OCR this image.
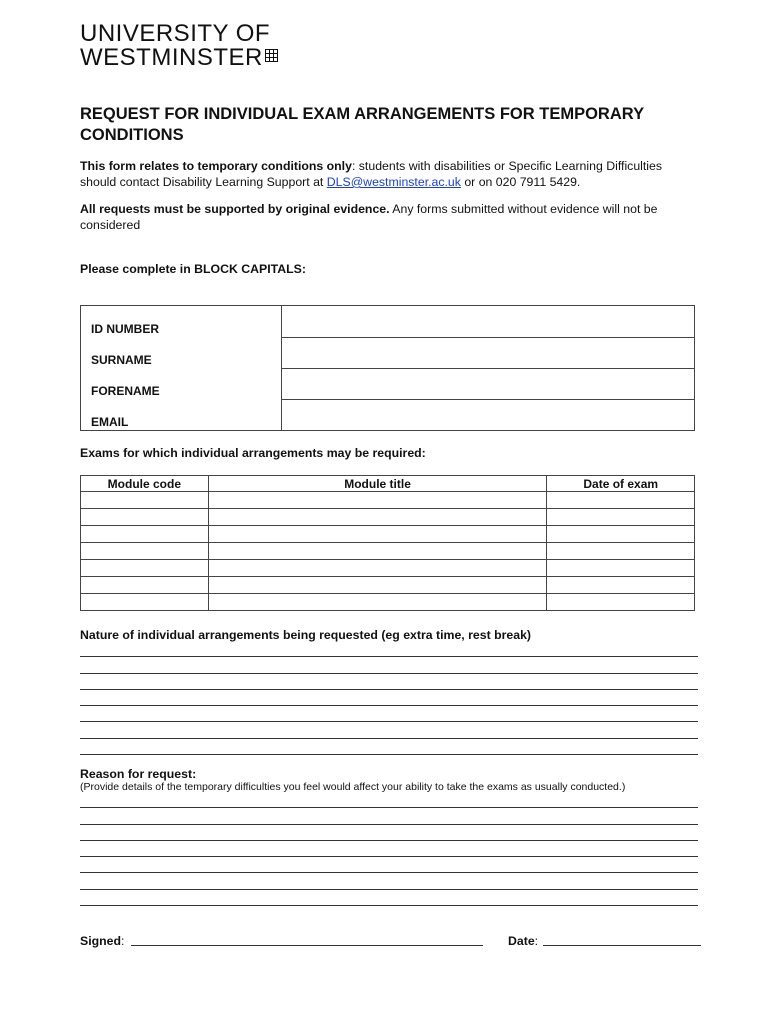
UNIVERSITY OF
WESTMINSTER
REQUEST FOR INDIVIDUAL EXAM ARRANGEMENTS FOR TEMPORARY CONDITIONS
This form relates to temporary conditions only: students with disabilities or Specific Learning Difficulties should contact Disability Learning Support at DLS@westminster.ac.uk or on 020 7911 5429.
All requests must be supported by original evidence. Any forms submitted without evidence will not be considered
Please complete in BLOCK CAPITALS:
ID NUMBER	
SURNAME	
FORENAME	
EMAIL	
Exams for which individual arrangements may be required:
Module code	Module title	Date of exam

Nature of individual arrangements being requested (eg extra time, rest break)
Reason for request:
(Provide details of the temporary difficulties you feel would affect your ability to take the exams as usually conducted.)
Signed:	Date:
